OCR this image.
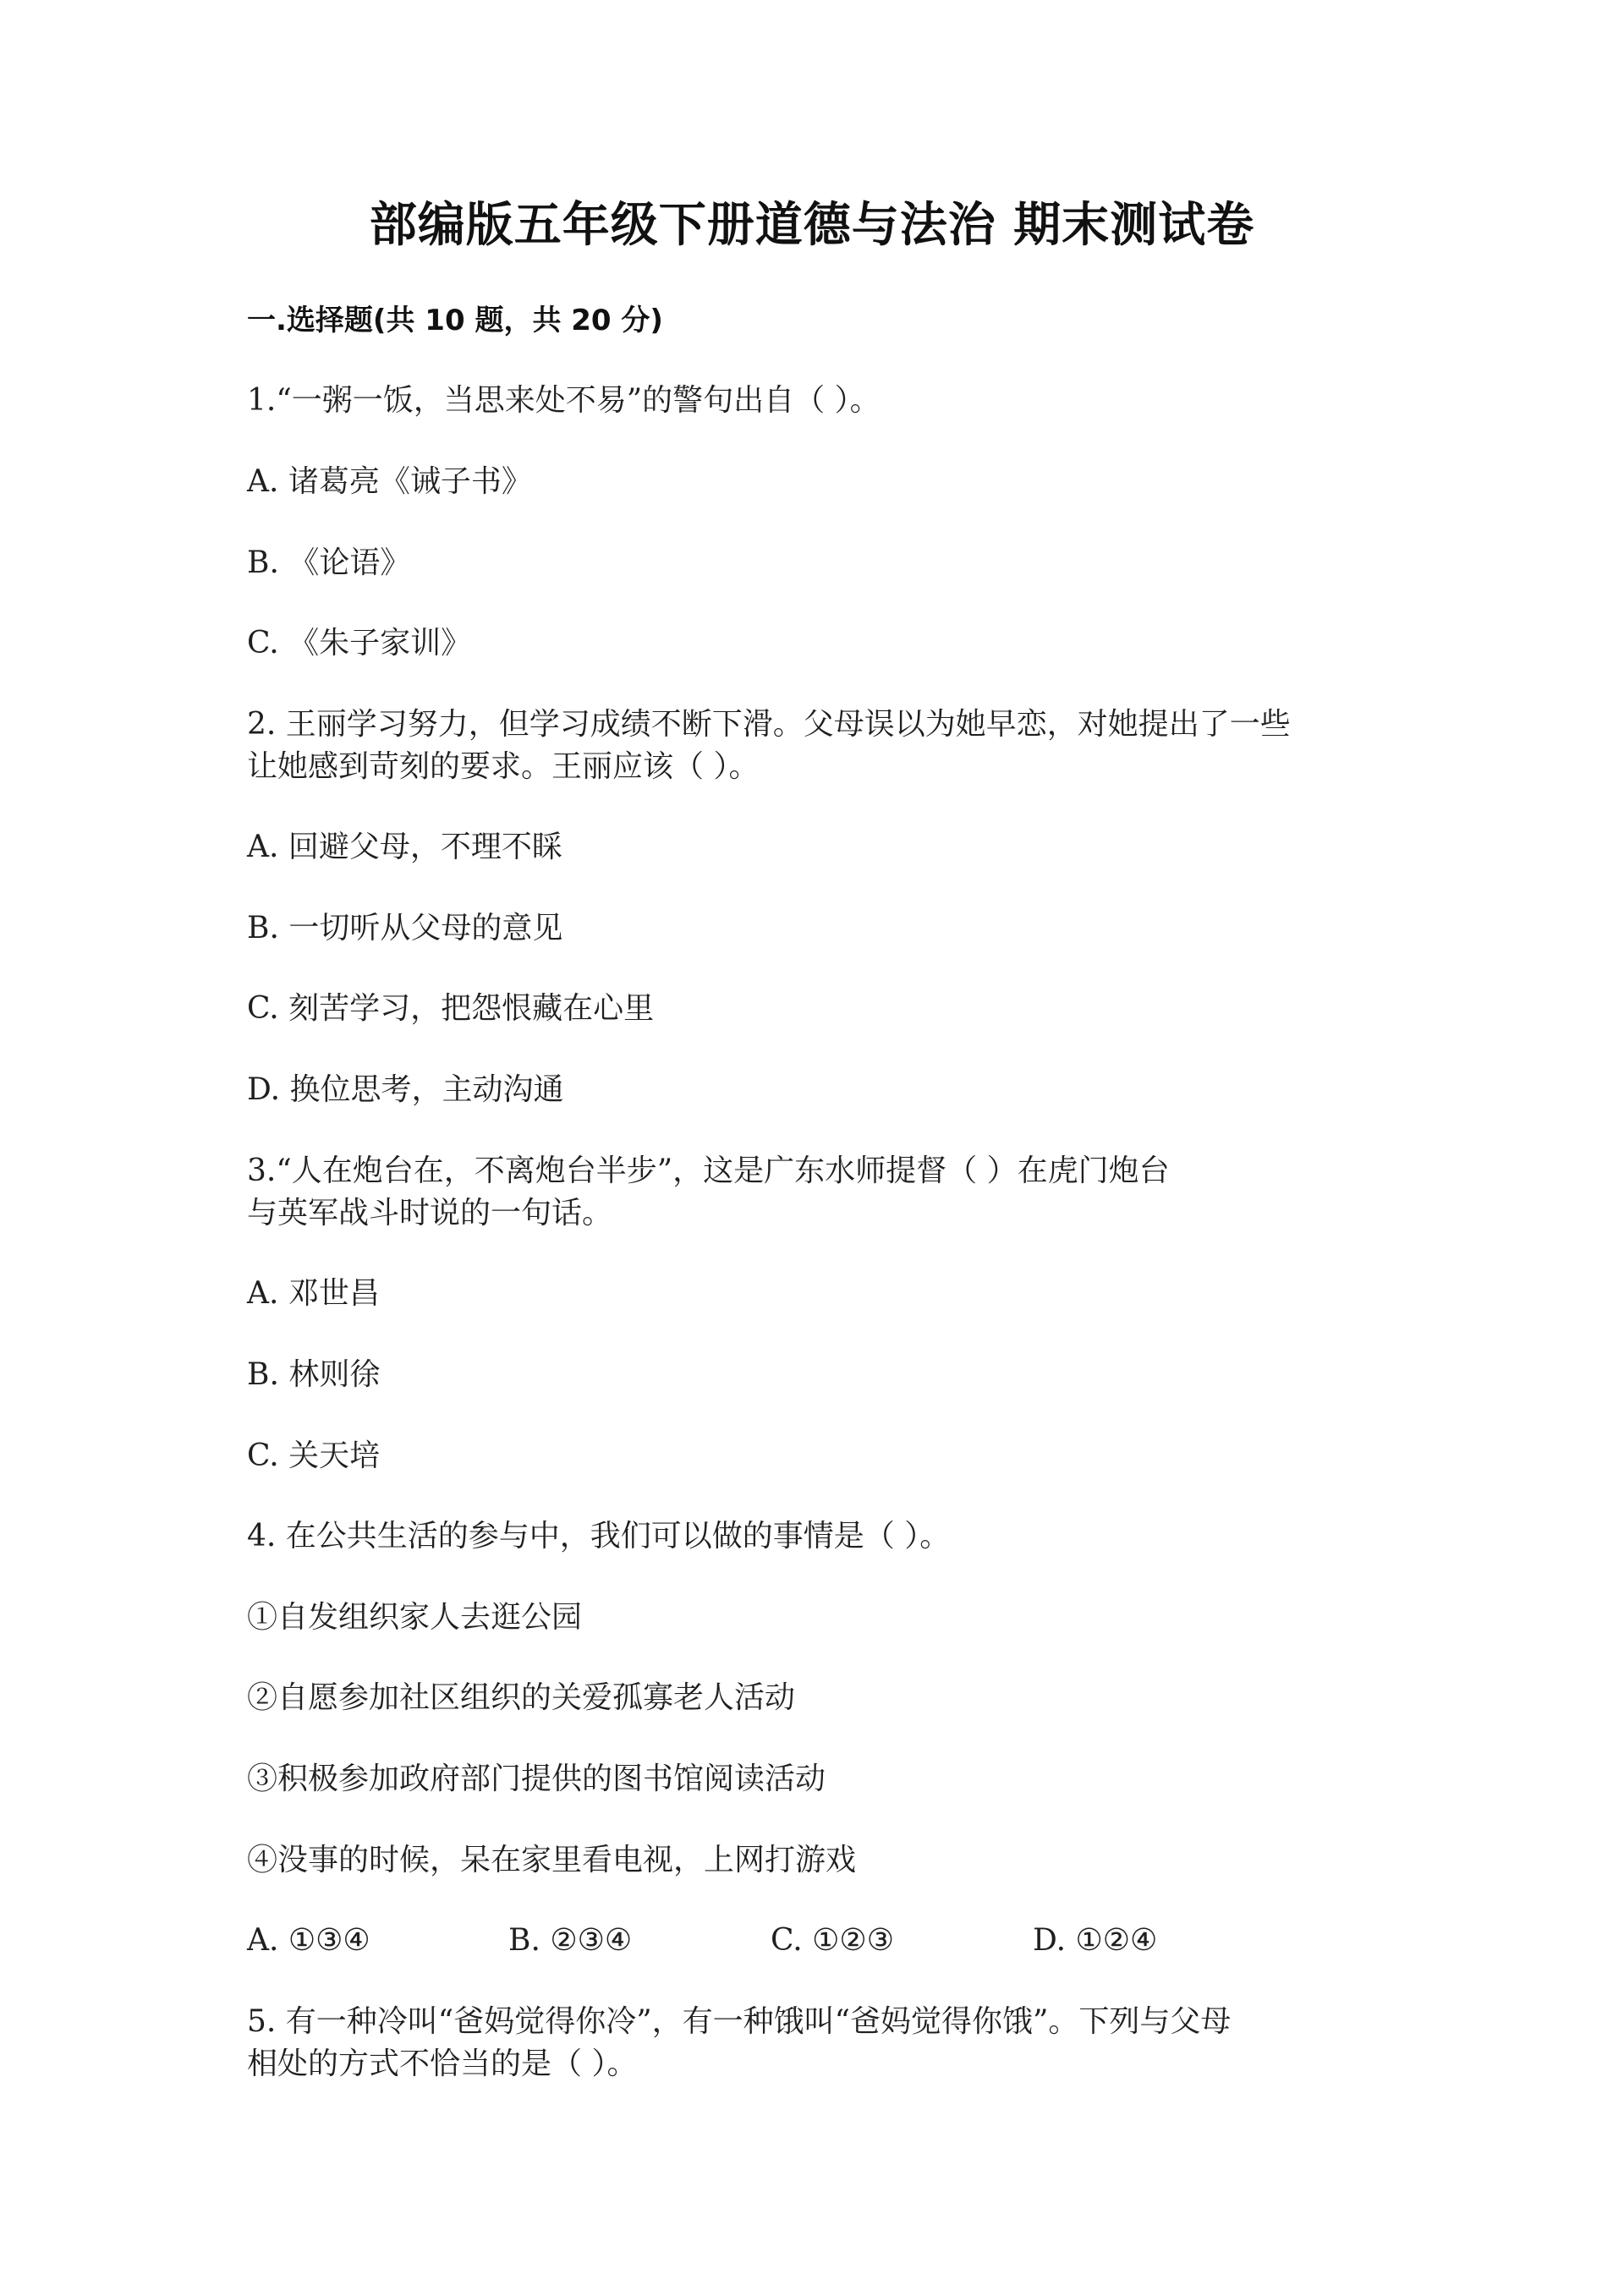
部编版五年级下册道德与法治 期末测试卷
一.选择题(共 10 题，共 20 分)
1.“一粥一饭，当思来处不易”的警句出自（ ）。
A. 诸葛亮《诫子书》
B. 《论语》
C. 《朱子家训》
2. 王丽学习努力，但学习成绩不断下滑。父母误以为她早恋，对她提出了一些
让她感到苛刻的要求。王丽应该（ ）。
A. 回避父母，不理不睬
B. 一切听从父母的意见
C. 刻苦学习，把怨恨藏在心里
D. 换位思考，主动沟通
3.“人在炮台在，不离炮台半步”，这是广东水师提督（ ）在虎门炮台
与英军战斗时说的一句话。
A. 邓世昌
B. 林则徐
C. 关天培
4. 在公共生活的参与中，我们可以做的事情是（ ）。
①自发组织家人去逛公园
②自愿参加社区组织的关爱孤寡老人活动
③积极参加政府部门提供的图书馆阅读活动
④没事的时候，呆在家里看电视，上网打游戏
A. ①③④	B. ②③④	C. ①②③	D. ①②④
5. 有一种冷叫“爸妈觉得你冷”，有一种饿叫“爸妈觉得你饿”。下列与父母
相处的方式不恰当的是（ ）。
